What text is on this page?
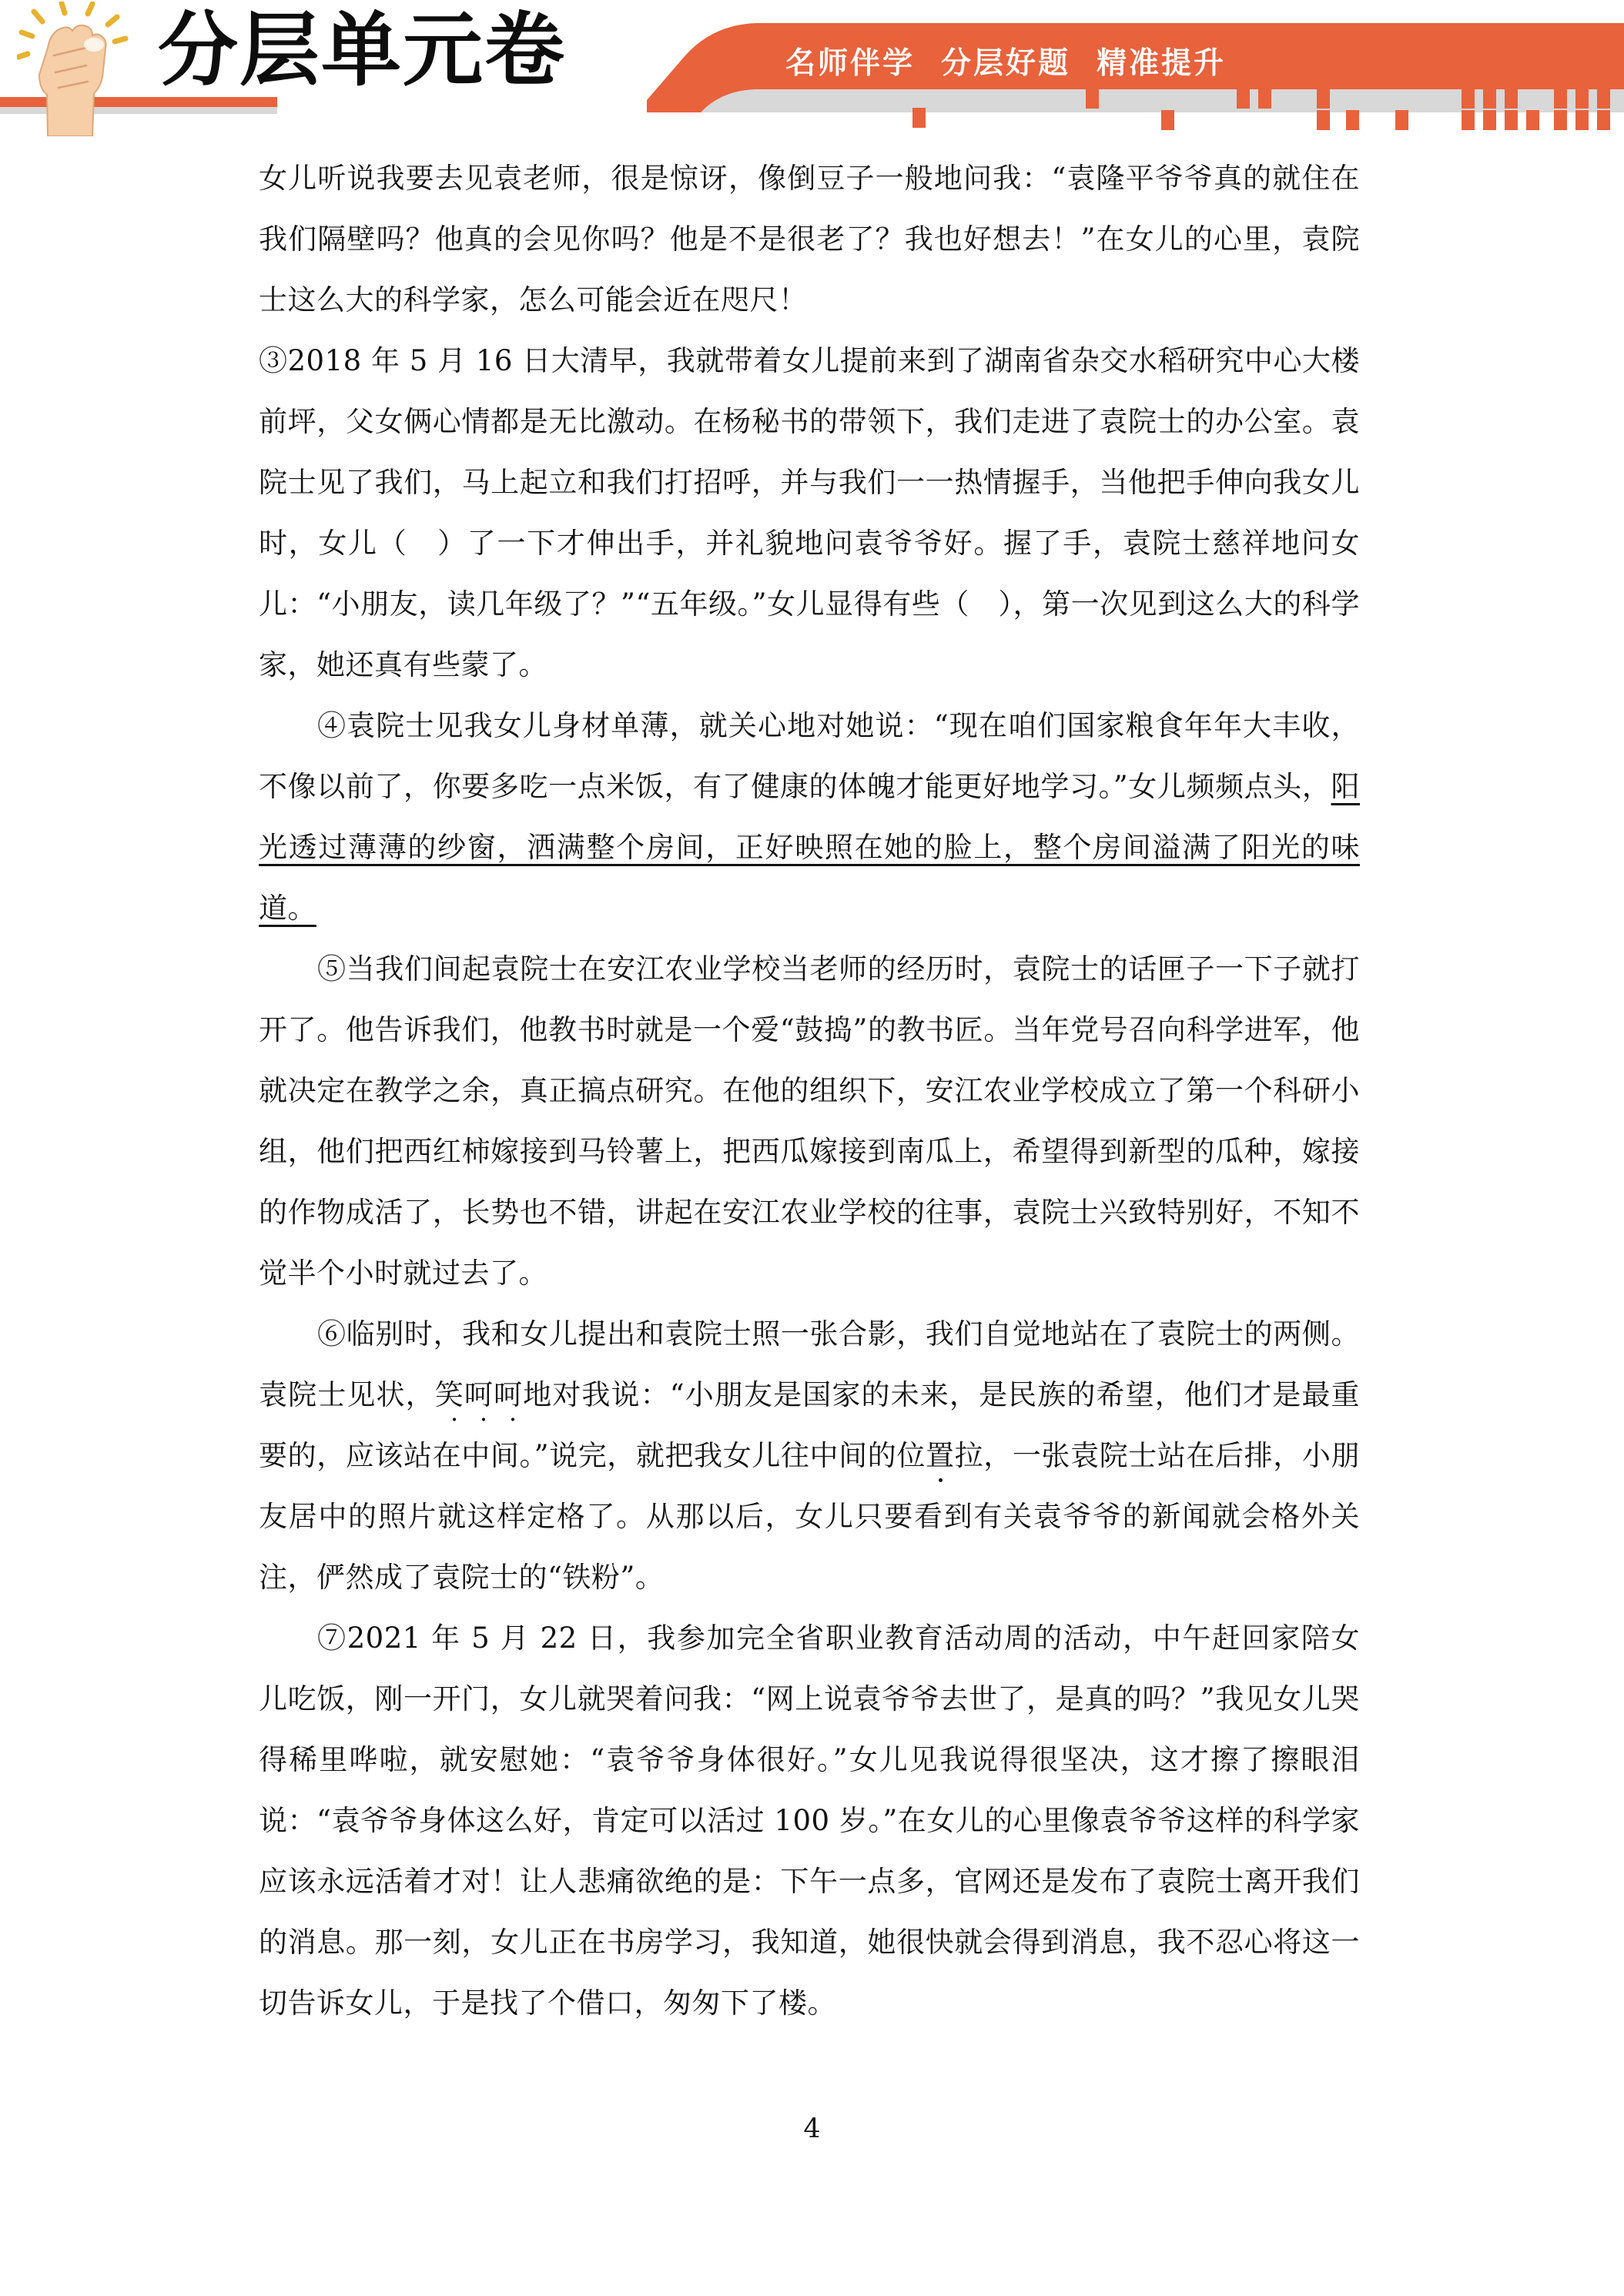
分层单元卷	名师伴学 分层好题 精准提升

女儿听说我要去见袁老师，很是惊讶，像倒豆子一般地问我：“袁隆平爷爷真的就住在我们隔壁吗？他真的会见你吗？他是不是很老了？我也好想去！”在女儿的心里，袁院士这么大的科学家，怎么可能会近在咫尺！

③2018 年 5 月 16 日大清早，我就带着女儿提前来到了湖南省杂交水稻研究中心大楼前坪，父女俩心情都是无比激动。在杨秘书的带领下，我们走进了袁院士的办公室。袁院士见了我们，马上起立和我们打招呼，并与我们一一热情握手，当他把手伸向我女儿时，女儿（　）了一下才伸出手，并礼貌地问袁爷爷好。握了手，袁院士慈祥地问女儿：“小朋友，读几年级了？”“五年级。”女儿显得有些（　），第一次见到这么大的科学家，她还真有些蒙了。

④袁院士见我女儿身材单薄，就关心地对她说：“现在咱们国家粮食年年大丰收，不像以前了，你要多吃一点米饭，有了健康的体魄才能更好地学习。”女儿频频点头，阳光透过薄薄的纱窗，洒满整个房间，正好映照在她的脸上，整个房间溢满了阳光的味道。

⑤当我们间起袁院士在安江农业学校当老师的经历时，袁院士的话匣子一下子就打开了。他告诉我们，他教书时就是一个爱“鼓捣”的教书匠。当年党号召向科学进军，他就决定在教学之余，真正搞点研究。在他的组织下，安江农业学校成立了第一个科研小组，他们把西红柿嫁接到马铃薯上，把西瓜嫁接到南瓜上，希望得到新型的瓜种，嫁接的作物成活了，长势也不错，讲起在安江农业学校的往事，袁院士兴致特别好，不知不觉半个小时就过去了。

⑥临别时，我和女儿提出和袁院士照一张合影，我们自觉地站在了袁院士的两侧。袁院士见状，笑呵呵地对我说：“小朋友是国家的未来，是民族的希望，他们才是最重要的，应该站在中间。”说完，就把我女儿往中间的位置拉，一张袁院士站在后排，小朋友居中的照片就这样定格了。从那以后，女儿只要看到有关袁爷爷的新闻就会格外关注，俨然成了袁院士的“铁粉”。

⑦2021 年 5 月 22 日，我参加完全省职业教育活动周的活动，中午赶回家陪女儿吃饭，刚一开门，女儿就哭着问我：“网上说袁爷爷去世了，是真的吗？”我见女儿哭得稀里哗啦，就安慰她：“袁爷爷身体很好。”女儿见我说得很坚决，这才擦了擦眼泪说：“袁爷爷身体这么好，肯定可以活过 100 岁。”在女儿的心里像袁爷爷这样的科学家应该永远活着才对！让人悲痛欲绝的是：下午一点多，官网还是发布了袁院士离开我们的消息。那一刻，女儿正在书房学习，我知道，她很快就会得到消息，我不忍心将这一切告诉女儿，于是找了个借口，匆匆下了楼。

4
